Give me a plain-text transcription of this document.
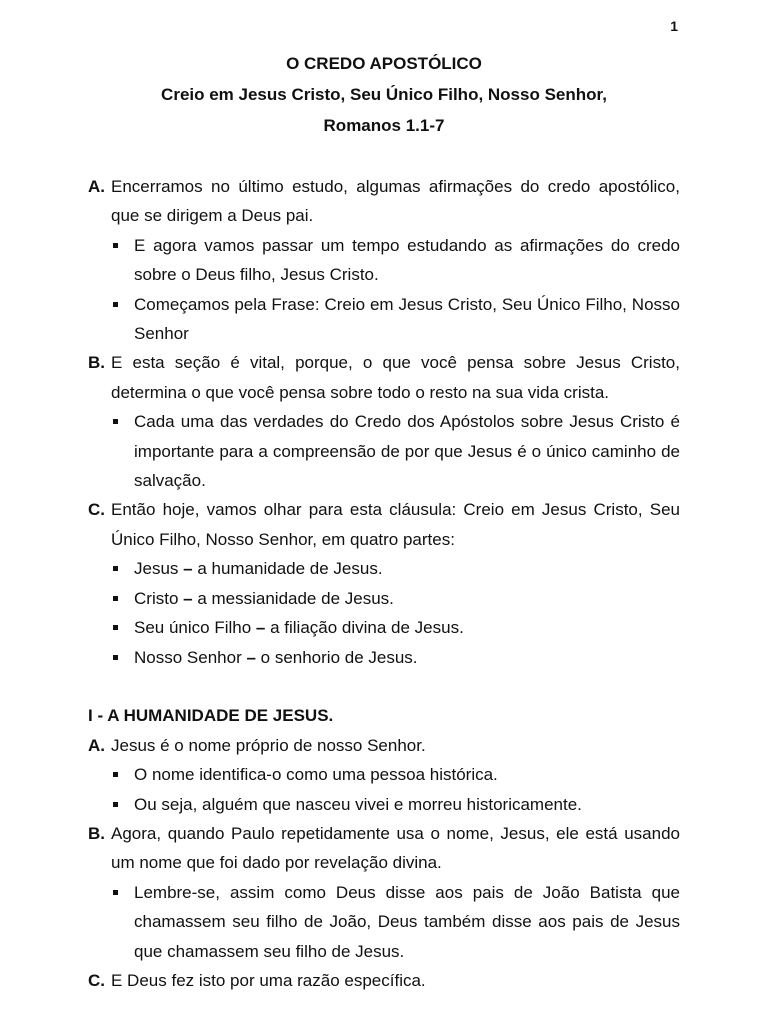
1
O CREDO APOSTÓLICO
Creio em Jesus Cristo, Seu Único Filho, Nosso Senhor,
Romanos 1.1-7
A. Encerramos no último estudo, algumas afirmações do credo apostólico, que se dirigem a Deus pai.
E agora vamos passar um tempo estudando as afirmações do credo sobre o Deus filho, Jesus Cristo.
Começamos pela Frase: Creio em Jesus Cristo, Seu Único Filho, Nosso Senhor
B. E esta seção é vital, porque, o que você pensa sobre Jesus Cristo, determina o que você pensa sobre todo o resto na sua vida crista.
Cada uma das verdades do Credo dos Apóstolos sobre Jesus Cristo é importante para a compreensão de por que Jesus é o único caminho de salvação.
C. Então hoje, vamos olhar para esta cláusula: Creio em Jesus Cristo, Seu Único Filho, Nosso Senhor, em quatro partes:
Jesus – a humanidade de Jesus.
Cristo – a messianidade de Jesus.
Seu único Filho – a filiação divina de Jesus.
Nosso Senhor – o senhorio de Jesus.
I - A HUMANIDADE DE JESUS.
A. Jesus é o nome próprio de nosso Senhor.
O nome identifica-o como uma pessoa histórica.
Ou seja, alguém que nasceu vivei e morreu historicamente.
B. Agora, quando Paulo repetidamente usa o nome, Jesus, ele está usando um nome que foi dado por revelação divina.
Lembre-se, assim como Deus disse aos pais de João Batista que chamassem seu filho de João, Deus também disse aos pais de Jesus que chamassem seu filho de Jesus.
C. E Deus fez isto por uma razão específica.
